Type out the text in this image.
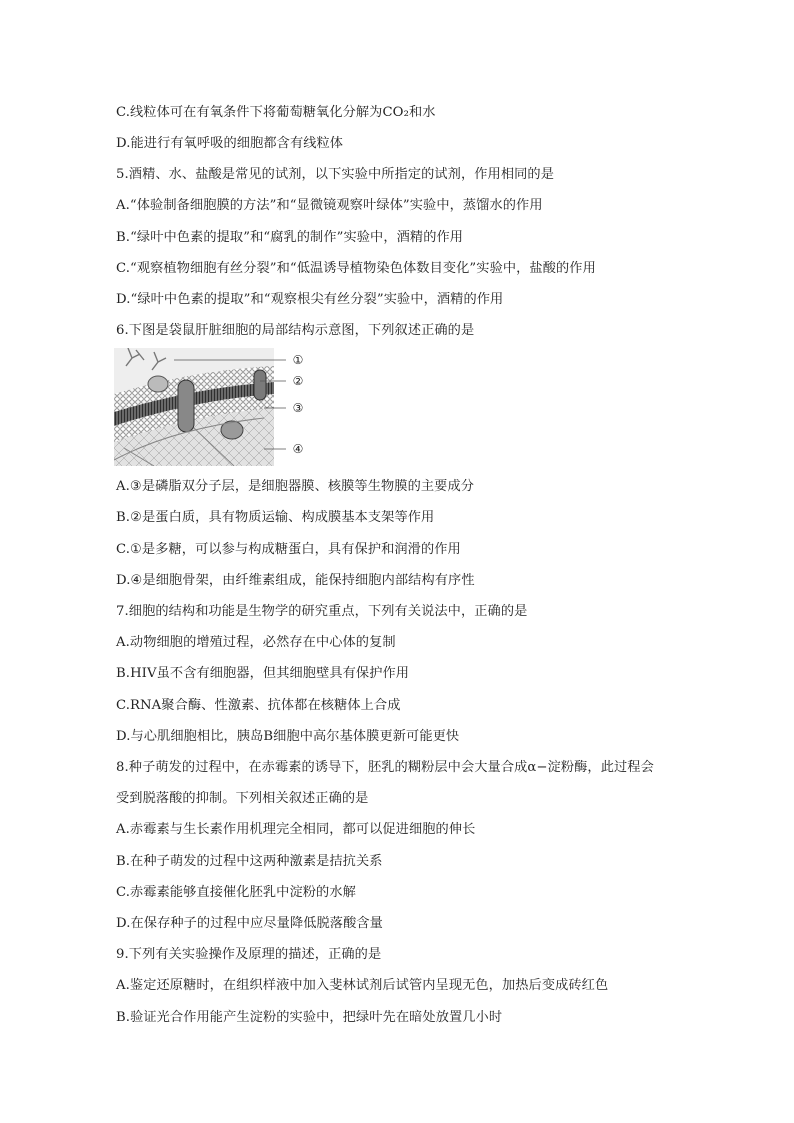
C.线粒体可在有氧条件下将葡萄糖氧化分解为CO₂和水
D.能进行有氧呼吸的细胞都含有线粒体
5.酒精、水、盐酸是常见的试剂，以下实验中所指定的试剂，作用相同的是
A.“体验制备细胞膜的方法”和“显微镜观察叶绿体”实验中，蒸馏水的作用
B.“绿叶中色素的提取”和“腐乳的制作”实验中，酒精的作用
C.“观察植物细胞有丝分裂”和“低温诱导植物染色体数目变化”实验中，盐酸的作用
D.“绿叶中色素的提取”和“观察根尖有丝分裂”实验中，酒精的作用
6.下图是袋鼠肝脏细胞的局部结构示意图，下列叙述正确的是
①
②
③
④
A.③是磷脂双分子层，是细胞器膜、核膜等生物膜的主要成分
B.②是蛋白质，具有物质运输、构成膜基本支架等作用
C.①是多糖，可以参与构成糖蛋白，具有保护和润滑的作用
D.④是细胞骨架，由纤维素组成，能保持细胞内部结构有序性
7.细胞的结构和功能是生物学的研究重点，下列有关说法中，正确的是
A.动物细胞的增殖过程，必然存在中心体的复制
B.HIV虽不含有细胞器，但其细胞壁具有保护作用
C.RNA聚合酶、性激素、抗体都在核糖体上合成
D.与心肌细胞相比，胰岛B细胞中高尔基体膜更新可能更快
8.种子萌发的过程中，在赤霉素的诱导下，胚乳的糊粉层中会大量合成α−淀粉酶，此过程会
受到脱落酸的抑制。下列相关叙述正确的是
A.赤霉素与生长素作用机理完全相同，都可以促进细胞的伸长
B.在种子萌发的过程中这两种激素是拮抗关系
C.赤霉素能够直接催化胚乳中淀粉的水解
D.在保存种子的过程中应尽量降低脱落酸含量
9.下列有关实验操作及原理的描述，正确的是
A.鉴定还原糖时，在组织样液中加入斐林试剂后试管内呈现无色，加热后变成砖红色
B.验证光合作用能产生淀粉的实验中，把绿叶先在暗处放置几小时
